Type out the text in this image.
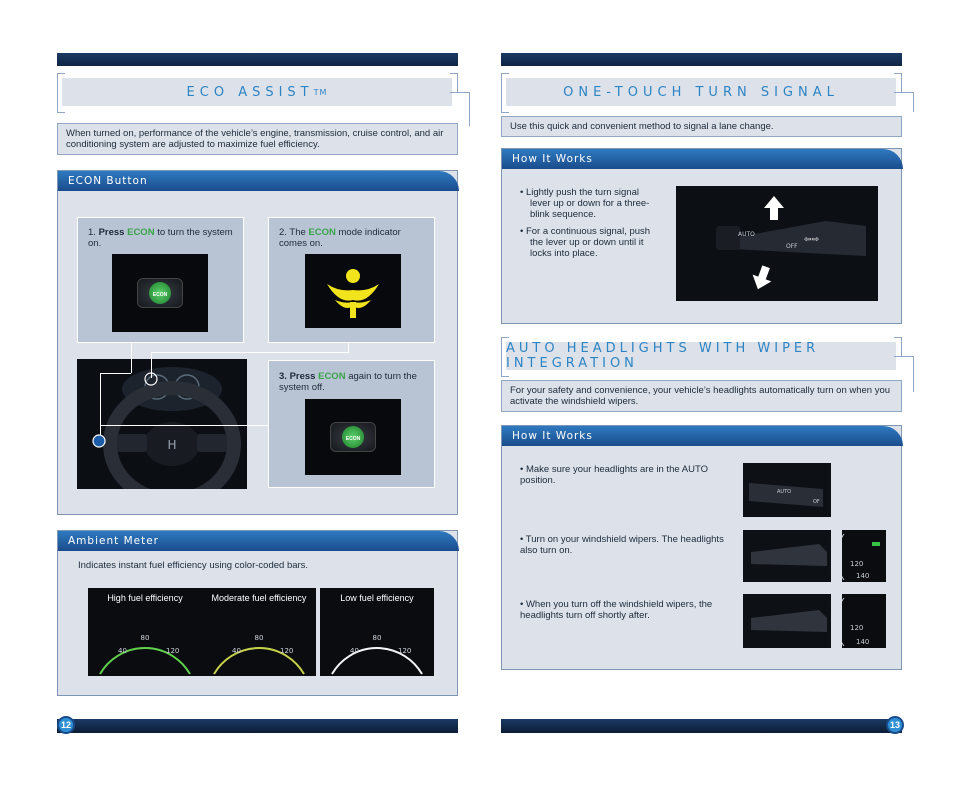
ECO ASSIST TM
When turned on, performance of the vehicle’s engine, transmission, cruise control, and air conditioning system are adjusted to maximize fuel efficiency.
ECON Button
1. Press ECON to turn the system on.
ECON
2. The ECON mode indicator comes on.
H
3. Press ECON again to turn the system off.
ECON
Ambient Meter
Indicates instant fuel efficiency using color-coded bars.
80
40	120
High fuel efficiency
80
40	120
Moderate fuel efficiency
80
40	120
Low fuel efficiency
12
ONE-TOUCH TURN SIGNAL
Use this quick and convenient method to signal a lane change.
How It Works
• Lightly push the turn signal lever up or down for a three-blink sequence.
• For a continuous signal, push the lever up or down until it locks into place.
AUTO
OFF
⇦⇨
AUTO HEADLIGHTS WITH WIPER INTEGRATION
For your safety and convenience, your vehicle’s headlights automatically turn on when you activate the windshield wipers.
How It Works
• Make sure your headlights are in the AUTO position.
• Turn on your windshield wipers. The headlights also turn on.
• When you turn off the windshield wipers, the headlights turn off shortly after.
AUTO
OF
120
140
120
140
13
